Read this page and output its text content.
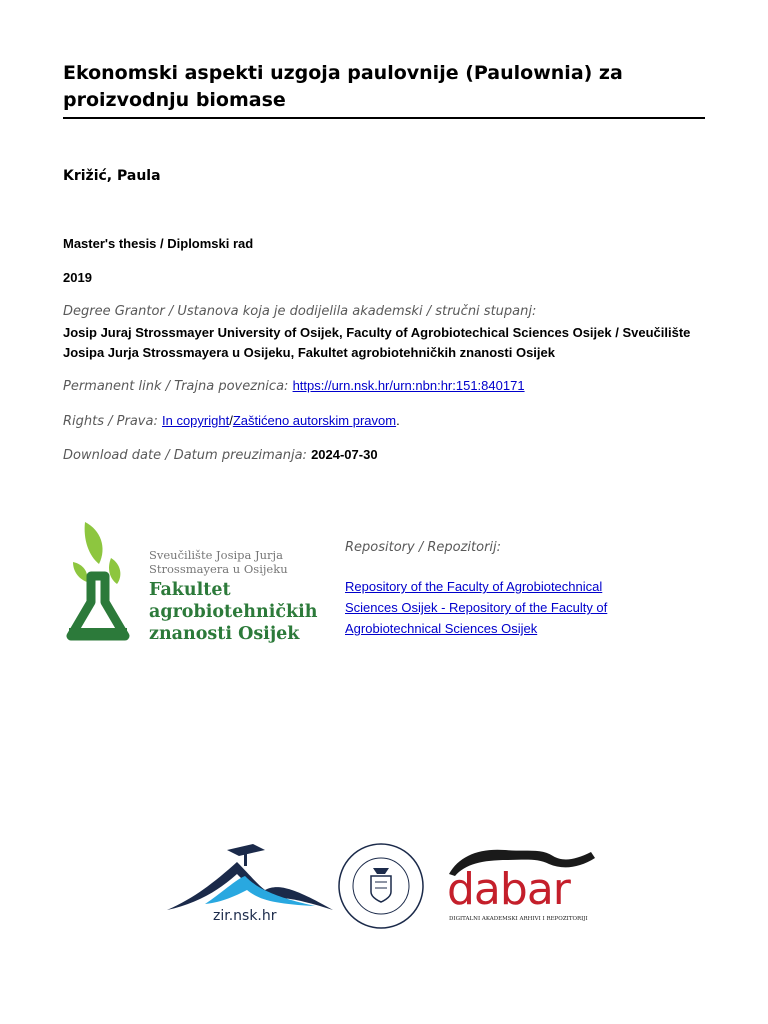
Ekonomski aspekti uzgoja paulovnije (Paulownia) za proizvodnju biomase
Križić, Paula
Master's thesis / Diplomski rad
2019
Degree Grantor / Ustanova koja je dodijelila akademski / stručni stupanj:
Josip Juraj Strossmayer University of Osijek, Faculty of Agrobiotechical Sciences Osijek / Sveučilište Josipa Jurja Strossmayera u Osijeku, Fakultet agrobiotehničkih znanosti Osijek
Permanent link / Trajna poveznica: https://urn.nsk.hr/urn:nbn:hr:151:840171
Rights / Prava: In copyright/Zaštićeno autorskim pravom.
Download date / Datum preuzimanja: 2024-07-30
Sveučilište Josipa Jurja
Strossmayera u Osijeku
Fakultet
agrobiotehničkih
znanosti Osijek
Repository / Repozitorij:
Repository of the Faculty of Agrobiotechnical Sciences Osijek - Repository of the Faculty of Agrobiotechnical Sciences Osijek
zir.nsk.hr
dabar
DIGITALNI AKADEMSKI ARHIVI I REPOZITORIJI
